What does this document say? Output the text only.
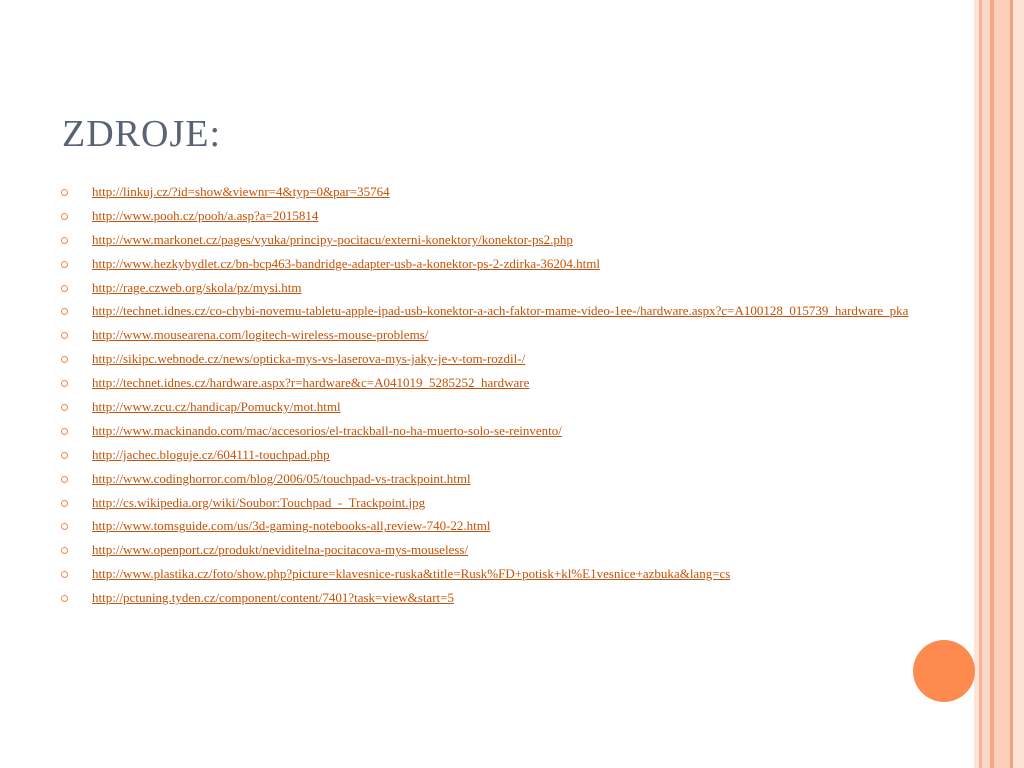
ZDROJE:
http://linkuj.cz/?id=show&viewnr=4&typ=0&par=35764
http://www.pooh.cz/pooh/a.asp?a=2015814
http://www.markonet.cz/pages/vyuka/principy-pocitacu/externi-konektory/konektor-ps2.php
http://www.hezkybydlet.cz/bn-bcp463-bandridge-adapter-usb-a-konektor-ps-2-zdirka-36204.html
http://rage.czweb.org/skola/pz/mysi.htm
http://technet.idnes.cz/co-chybi-novemu-tabletu-apple-ipad-usb-konektor-a-ach-faktor-mame-video-1ee-/hardware.aspx?c=A100128_015739_hardware_pka
http://www.mousearena.com/logitech-wireless-mouse-problems/
http://sikipc.webnode.cz/news/opticka-mys-vs-laserova-mys-jaky-je-v-tom-rozdil-/
http://technet.idnes.cz/hardware.aspx?r=hardware&c=A041019_5285252_hardware
http://www.zcu.cz/handicap/Pomucky/mot.html
http://www.mackinando.com/mac/accesorios/el-trackball-no-ha-muerto-solo-se-reinvento/
http://jachec.bloguje.cz/604111-touchpad.php
http://www.codinghorror.com/blog/2006/05/touchpad-vs-trackpoint.html
http://cs.wikipedia.org/wiki/Soubor:Touchpad_-_Trackpoint.jpg
http://www.tomsguide.com/us/3d-gaming-notebooks-all,review-740-22.html
http://www.openport.cz/produkt/neviditelna-pocitacova-mys-mouseless/
http://www.plastika.cz/foto/show.php?picture=klavesnice-ruska&title=Rusk%FD+potisk+kl%E1vesnice+azbuka&lang=cs
http://pctuning.tyden.cz/component/content/7401?task=view&start=5
